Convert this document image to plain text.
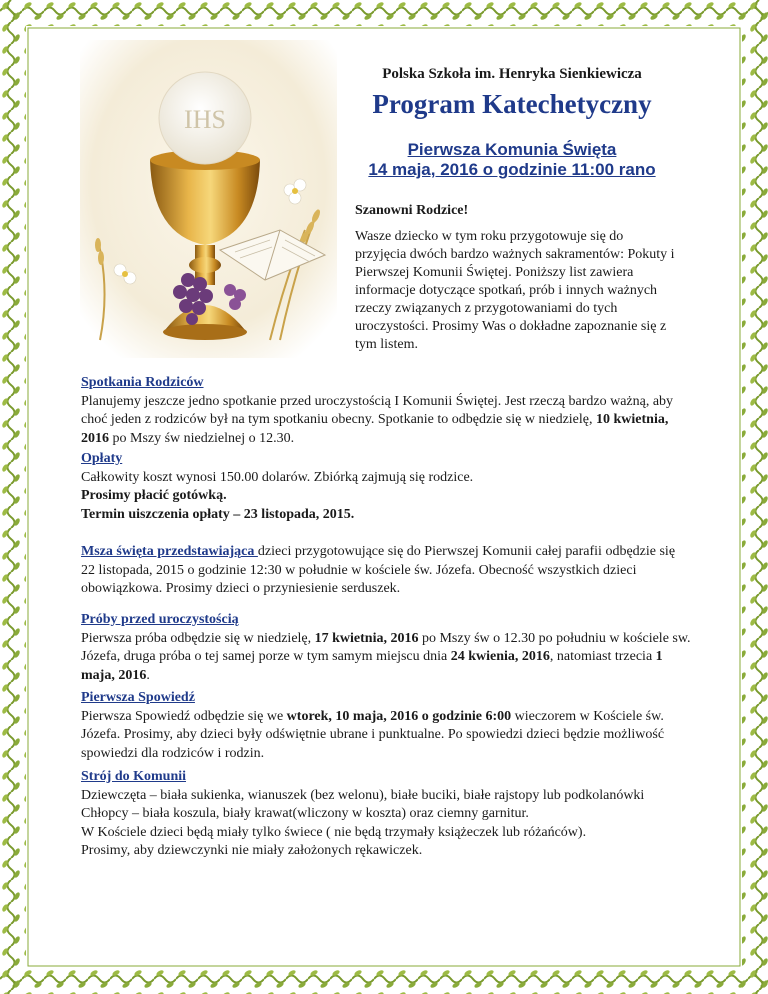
IHS
Polska Szkoła im. Henryka Sienkiewicza
Program Katechetyczny
Pierwsza Komunia Święta
14 maja, 2016 o godzinie 11:00 rano
Szanowni Rodzice!
Wasze dziecko w tym roku przygotowuje się do przyjęcia dwóch bardzo ważnych sakramentów: Pokuty i Pierwszej Komunii Świętej. Poniższy list zawiera informacje dotyczące spotkań, prób i innych ważnych rzeczy związanych z przygotowaniami do tych uroczystości. Prosimy Was o dokładne zapoznanie się z tym listem.
Spotkania Rodziców
Planujemy jeszcze jedno spotkanie przed uroczystością I Komunii Świętej. Jest rzeczą bardzo ważną, aby choć jeden z rodziców był na tym spotkaniu obecny. Spotkanie to odbędzie się w niedzielę, 10 kwietnia, 2016 po Mszy św niedzielnej o 12.30.
Opłaty
Całkowity koszt wynosi 150.00 dolarów. Zbiórką zajmują się rodzice.
Prosimy płacić gotówką.
Termin uiszczenia opłaty – 23 listopada, 2015.
Msza święta przedstawiająca dzieci przygotowujące się do Pierwszej Komunii całej parafii odbędzie się 22 listopada, 2015 o godzinie 12:30 w południe w kościele św. Józefa. Obecność wszystkich dzieci obowiązkowa. Prosimy dzieci o przyniesienie serduszek.
Próby przed uroczystością
Pierwsza próba odbędzie się w niedzielę, 17 kwietnia, 2016 po Mszy św o 12.30 po południu w kościele sw. Józefa, druga próba o tej samej porze w tym samym miejscu dnia 24 kwienia, 2016, natomiast trzecia 1 maja, 2016.
Pierwsza Spowiedź
Pierwsza Spowiedź odbędzie się we wtorek, 10 maja, 2016 o godzinie 6:00 wieczorem w Kościele św. Józefa. Prosimy, aby dzieci były odświętnie ubrane i punktualne. Po spowiedzi dzieci będzie możliwość spowiedzi dla rodziców i rodzin.
Strój do Komunii
Dziewczęta – biała sukienka, wianuszek (bez welonu), białe buciki, białe rajstopy lub podkolanówki
Chłopcy – biała koszula, biały krawat(wliczony w koszta) oraz ciemny garnitur.
W Kościele dzieci będą miały tylko świece ( nie będą trzymały książeczek lub różańców).
Prosimy, aby dziewczynki nie miały założonych rękawiczek.
